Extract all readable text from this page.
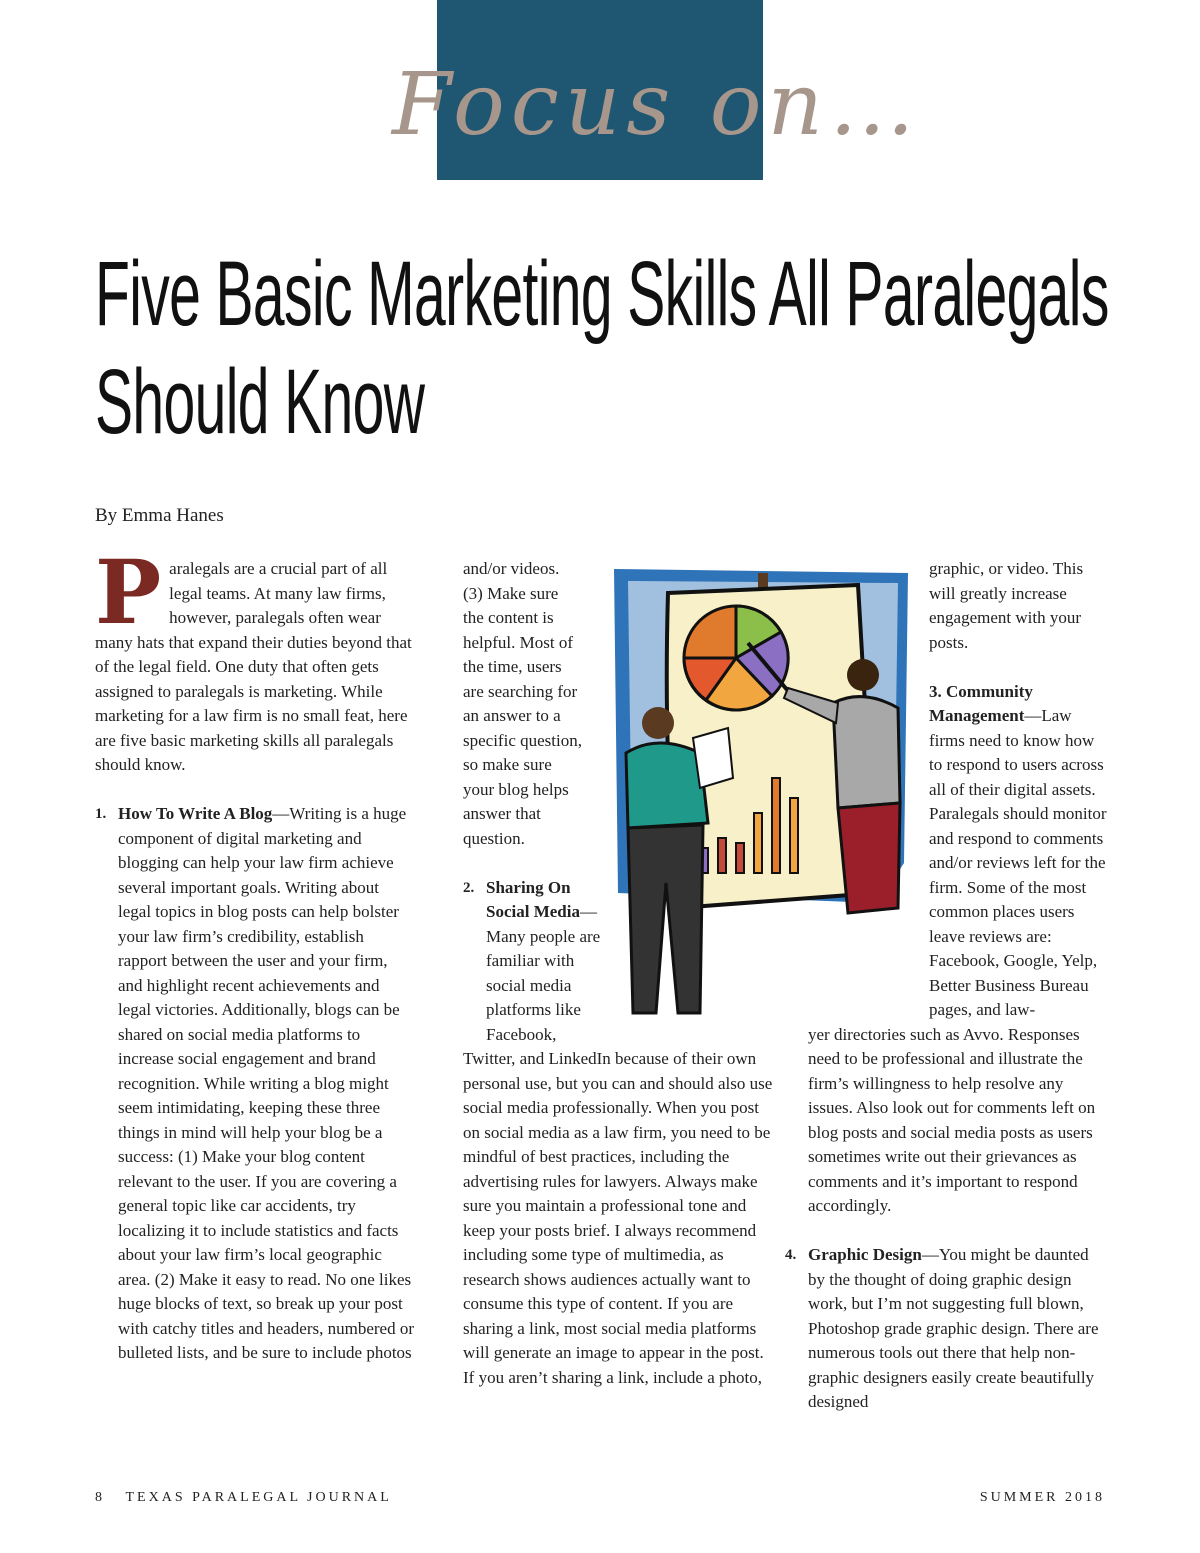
Focus on…
Five Basic Marketing Skills All Paralegals
Should Know
By Emma Hanes

Paralegals are a crucial part of all legal teams. At many law firms, however, paralegals often wear many hats that expand their duties beyond that of the legal field. One duty that often gets assigned to paralegals is marketing. While marketing for a law firm is no small feat, here are five basic marketing skills all paralegals should know.

1. How To Write A Blog—Writing is a huge component of digital marketing and blogging can help your law firm achieve several important goals. Writing about legal topics in blog posts can help bolster your law firm’s credibility, establish rapport between the user and your firm, and highlight recent achievements and legal victories. Additionally, blogs can be shared on social media platforms to increase social engagement and brand recognition. While writing a blog might seem intimidating, keeping these three things in mind will help your blog be a success: (1) Make your blog content relevant to the user. If you are covering a general topic like car accidents, try localizing it to include statistics and facts about your law firm’s local geographic area. (2) Make it easy to read. No one likes huge blocks of text, so break up your post with catchy titles and headers, numbered or bulleted lists, and be sure to include photos

and/or videos. (3) Make sure the content is helpful. Most of the time, users are searching for an answer to a specific question, so make sure your blog helps answer that question.

2. Sharing On Social Media—Many people are familiar with social media platforms like Facebook,

Twitter, and LinkedIn because of their own personal use, but you can and should also use social media professionally. When you post on social media as a law firm, you need to be mindful of best practices, including the advertising rules for lawyers. Always make sure you maintain a professional tone and keep your posts brief. I always recommend including some type of multimedia, as research shows audiences actually want to consume this type of content. If you are sharing a link, most social media platforms will generate an image to appear in the post. If you aren’t sharing a link, include a photo,

graphic, or video. This will greatly increase engagement with your posts.

3. Community Management—Law firms need to know how to respond to users across all of their digital assets. Paralegals should monitor and respond to comments and/or reviews left for the firm. Some of the most common places users leave reviews are: Facebook, Google, Yelp, Better Business Bureau pages, and law-

yer directories such as Avvo. Responses need to be professional and illustrate the firm’s willingness to help resolve any issues. Also look out for comments left on blog posts and social media posts as users sometimes write out their grievances as comments and it’s important to respond accordingly.

4. Graphic Design—You might be daunted by the thought of doing graphic design work, but I’m not suggesting full blown, Photoshop grade graphic design. There are numerous tools out there that help non-graphic designers easily create beautifully designed

8 TEXAS PARALEGAL JOURNAL	SUMMER 2018
